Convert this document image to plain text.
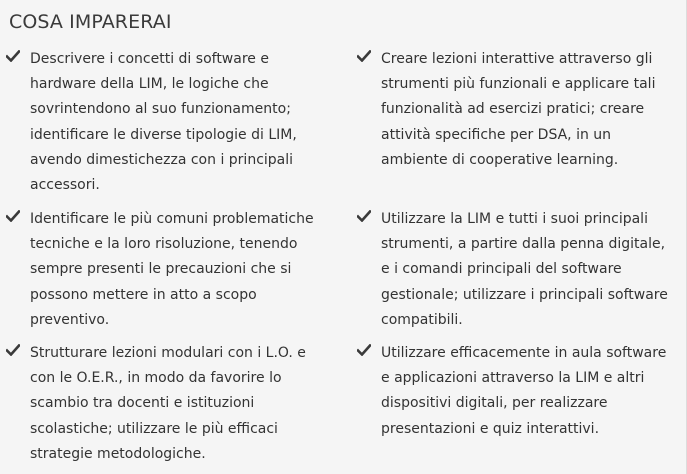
COSA IMPARERAI

Descrivere i concetti di software e
hardware della LIM, le logiche che
sovrintendono al suo funzionamento;
identificare le diverse tipologie di LIM,
avendo dimestichezza con i principali
accessori.

Creare lezioni interattive attraverso gli
strumenti più funzionali e applicare tali
funzionalità ad esercizi pratici; creare
attività specifiche per DSA, in un
ambiente di cooperative learning.

Identificare le più comuni problematiche
tecniche e la loro risoluzione, tenendo
sempre presenti le precauzioni che si
possono mettere in atto a scopo
preventivo.

Utilizzare la LIM e tutti i suoi principali
strumenti, a partire dalla penna digitale,
e i comandi principali del software
gestionale; utilizzare i principali software
compatibili.

Strutturare lezioni modulari con i L.O. e
con le O.E.R., in modo da favorire lo
scambio tra docenti e istituzioni
scolastiche; utilizzare le più efficaci
strategie metodologiche.

Utilizzare efficacemente in aula software
e applicazioni attraverso la LIM e altri
dispositivi digitali, per realizzare
presentazioni e quiz interattivi.
